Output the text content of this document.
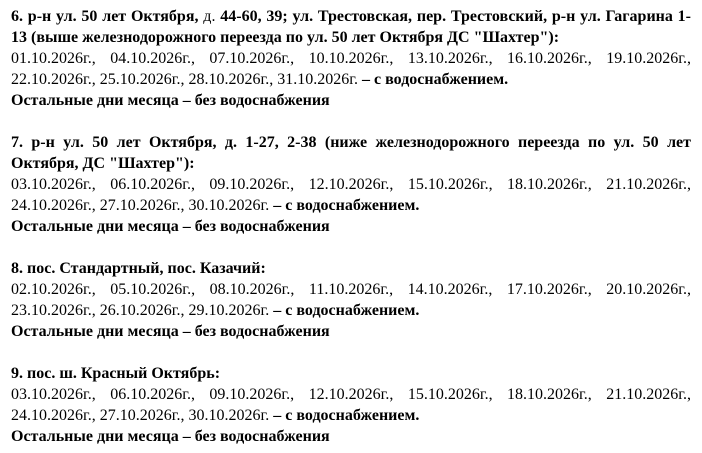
6. р-н ул. 50 лет Октября, д. 44-60, 39; ул. Трестовская, пер. Трестовский, р-н ул. Гагарина 1-13 (выше железнодорожного переезда по ул. 50 лет Октября ДС "Шахтер"):

01.10.2026г., 04.10.2026г., 07.10.2026г., 10.10.2026г., 13.10.2026г., 16.10.2026г., 19.10.2026г., 22.10.2026г., 25.10.2026г., 28.10.2026г., 31.10.2026г. – с водоснабжением.

Остальные дни месяца – без водоснабжения

7. р-н ул. 50 лет Октября, д. 1-27, 2-38 (ниже железнодорожного переезда по ул. 50 лет Октября, ДС "Шахтер"):

03.10.2026г., 06.10.2026г., 09.10.2026г., 12.10.2026г., 15.10.2026г., 18.10.2026г., 21.10.2026г., 24.10.2026г., 27.10.2026г., 30.10.2026г. – с водоснабжением.

Остальные дни месяца – без водоснабжения

8. пос. Стандартный, пос. Казачий:

02.10.2026г., 05.10.2026г., 08.10.2026г., 11.10.2026г., 14.10.2026г., 17.10.2026г., 20.10.2026г., 23.10.2026г., 26.10.2026г., 29.10.2026г. – с водоснабжением.

Остальные дни месяца – без водоснабжения

9. пос. ш. Красный Октябрь:

03.10.2026г., 06.10.2026г., 09.10.2026г., 12.10.2026г., 15.10.2026г., 18.10.2026г., 21.10.2026г., 24.10.2026г., 27.10.2026г., 30.10.2026г. – с водоснабжением.

Остальные дни месяца – без водоснабжения
